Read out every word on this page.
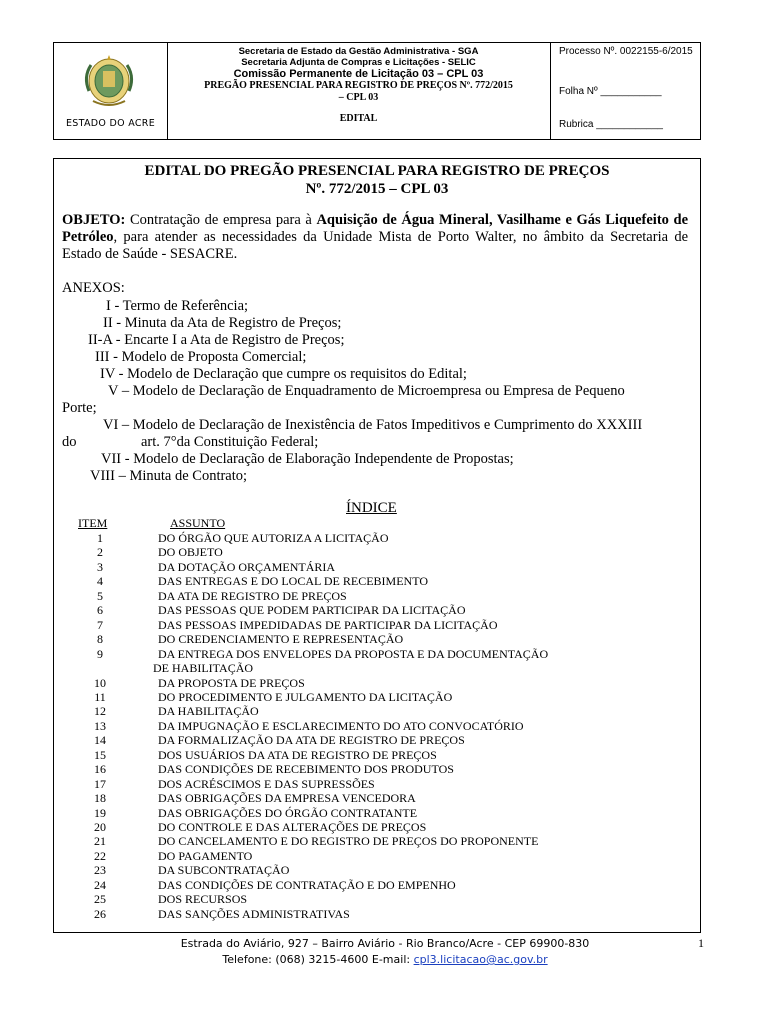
ESTADO DO ACRE
Secretaria de Estado da Gestão Administrativa - SGA
Secretaria Adjunta de Compras e Licitações - SELIC
Comissão Permanente de Licitação 03 – CPL 03
PREGÃO PRESENCIAL PARA REGISTRO DE PREÇOS Nº. 772/2015
– CPL 03
EDITAL
Processo Nº. 0022155-6/2015
Folha Nº ___________
Rubrica ____________
EDITAL DO PREGÃO PRESENCIAL PARA REGISTRO DE PREÇOS
Nº. 772/2015 – CPL 03
OBJETO: Contratação de empresa para à Aquisição de Água Mineral, Vasilhame e Gás Liquefeito de Petróleo, para atender as necessidades da Unidade Mista de Porto Walter, no âmbito da Secretaria de Estado de Saúde - SESACRE.
ANEXOS:
I - Termo de Referência;
II - Minuta da Ata de Registro de Preços;
II-A - Encarte I a Ata de Registro de Preços;
III - Modelo de Proposta Comercial;
IV - Modelo de Declaração que cumpre os requisitos do Edital;
V – Modelo de Declaração de Enquadramento de Microempresa ou Empresa de Pequeno
Porte;
VI – Modelo de Declaração de Inexistência de Fatos Impeditivos e Cumprimento do XXXIII
do	art. 7°da Constituição Federal;
VII - Modelo de Declaração de Elaboração Independente de Propostas;
VIII – Minuta de Contrato;
ÍNDICE
ITEM	ASSUNTO
1	DO ÓRGÃO QUE AUTORIZA A LICITAÇÃO
2	DO OBJETO
3	DA DOTAÇÃO ORÇAMENTÁRIA
4	DAS ENTREGAS E DO LOCAL DE RECEBIMENTO
5	DA ATA DE REGISTRO DE PREÇOS
6	DAS PESSOAS QUE PODEM PARTICIPAR DA LICITAÇÃO
7	DAS PESSOAS IMPEDIDADAS DE PARTICIPAR DA LICITAÇÃO
8	DO CREDENCIAMENTO E REPRESENTAÇÃO
9	DA ENTREGA DOS ENVELOPES DA PROPOSTA E DA DOCUMENTAÇÃO
DE HABILITAÇÃO
10	DA PROPOSTA DE PREÇOS
11	DO PROCEDIMENTO E JULGAMENTO DA LICITAÇÃO
12	DA HABILITAÇÃO
13	DA IMPUGNAÇÃO E ESCLARECIMENTO DO ATO CONVOCATÓRIO
14	DA FORMALIZAÇÃO DA ATA DE REGISTRO DE PREÇOS
15	DOS USUÁRIOS DA ATA DE REGISTRO DE PREÇOS
16	DAS CONDIÇÕES DE RECEBIMENTO DOS PRODUTOS
17	DOS ACRÉSCIMOS E DAS SUPRESSÕES
18	DAS OBRIGAÇÕES DA EMPRESA VENCEDORA
19	DAS OBRIGAÇÕES DO ÓRGÃO CONTRATANTE
20	DO CONTROLE E DAS ALTERAÇÕES DE PREÇOS
21	DO CANCELAMENTO E DO REGISTRO DE PREÇOS DO PROPONENTE
22	DO PAGAMENTO
23	DA SUBCONTRATAÇÃO
24	DAS CONDIÇÕES DE CONTRATAÇÃO E DO EMPENHO
25	DOS RECURSOS
26	DAS SANÇÕES ADMINISTRATIVAS
Estrada do Aviário, 927 – Bairro Aviário - Rio Branco/Acre - CEP 69900-830
Telefone: (068) 3215-4600 E-mail: cpl3.licitacao@ac.gov.br
1
